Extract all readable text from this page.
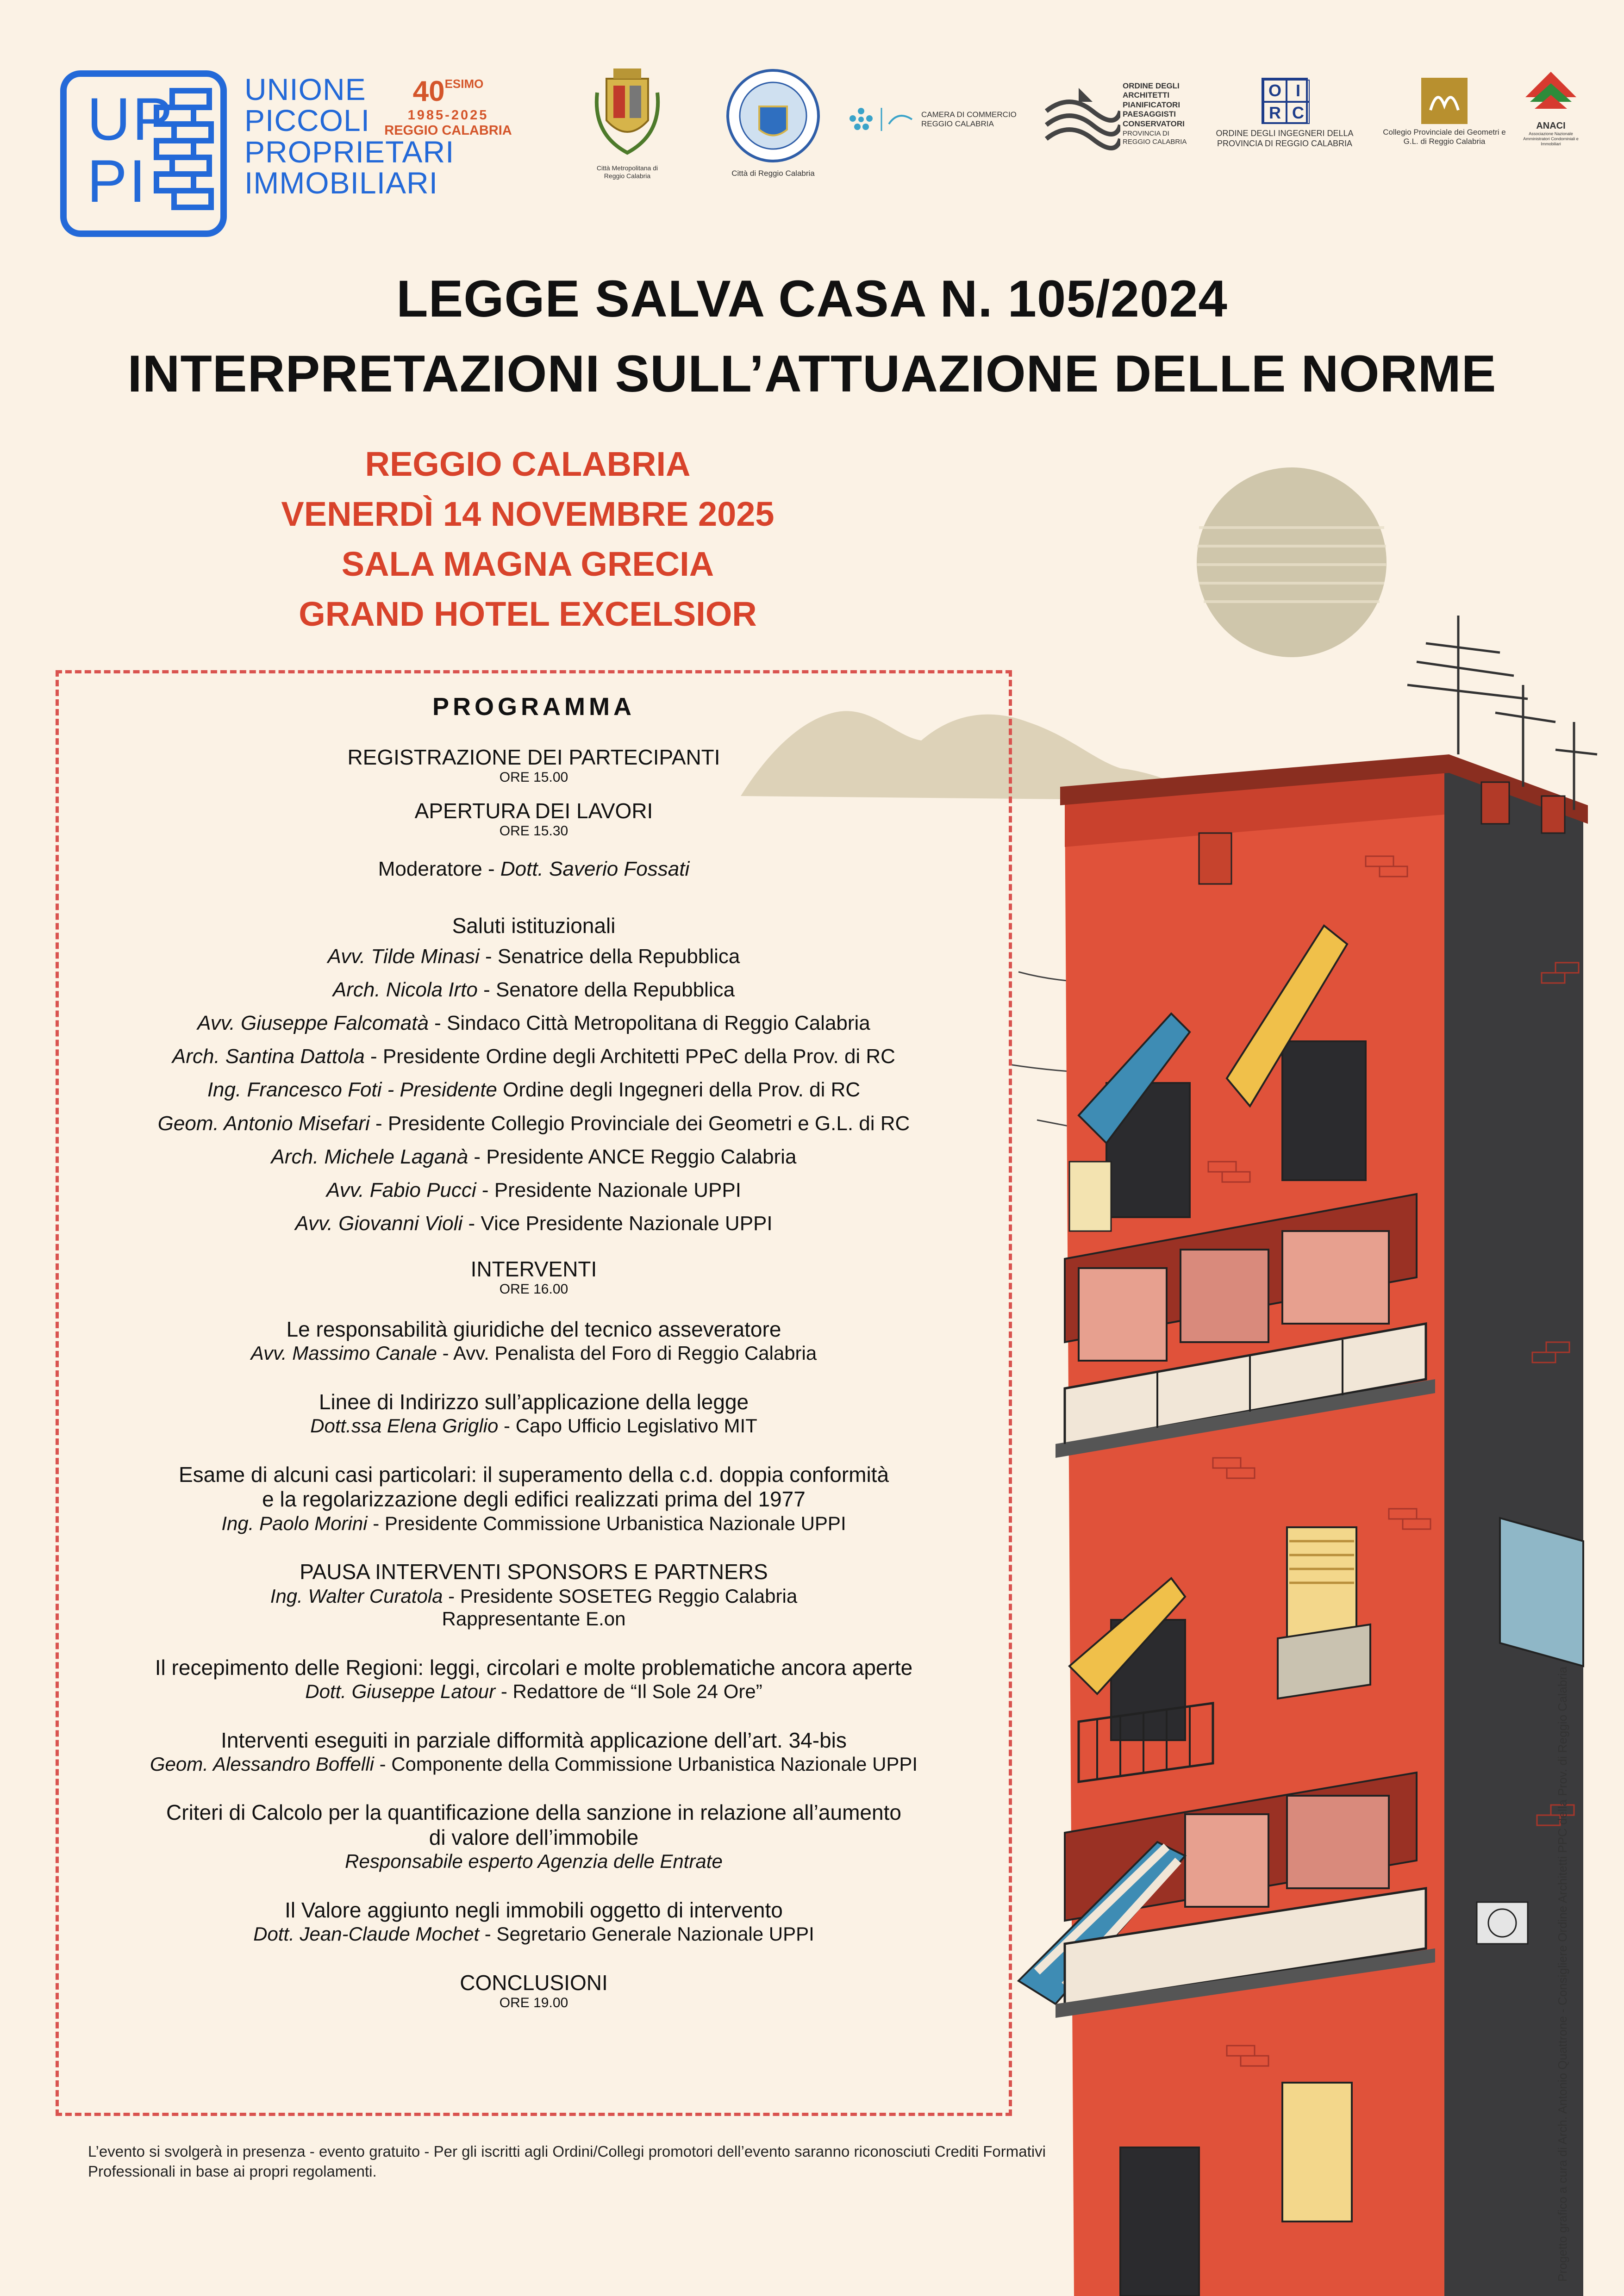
UP
PI
UNIONE
PICCOLI
PROPRIETARI
IMMOBILIARI
$40^{ESIMO}$
1985-2025
REGGIO CALABRIA
Città Metropolitana di Reggio Calabria	Città di Reggio Calabria
CAMERA DI COMMERCIO REGGIO CALABRIA
ORDINE DEGLI ARCHITETTI PIANIFICATORI PAESAGGISTI CONSERVATORI
PROVINCIA DI REGGIO CALABRIA
O I
R C
ORDINE DEGLI INGEGNERI DELLA PROVINCIA DI REGGIO CALABRIA
Collegio Provinciale dei Geometri e G.L. di Reggio Calabria
ANACI
Associazione Nazionale Amministratori Condominiali e Immobiliari
LEGGE SALVA CASA N. 105/2024
INTERPRETAZIONI SULL’ATTUAZIONE DELLE NORME
REGGIO CALABRIA
VENERDÌ 14 NOVEMBRE 2025
SALA MAGNA GRECIA
GRAND HOTEL EXCELSIOR
PROGRAMMA
REGISTRAZIONE DEI PARTECIPANTI
ORE 15.00
APERTURA DEI LAVORI
ORE 15.30
Moderatore - Dott. Saverio Fossati
Saluti istituzionali
Avv. Tilde Minasi - Senatrice della Repubblica
Arch. Nicola Irto - Senatore della Repubblica
Avv. Giuseppe Falcomatà - Sindaco Città Metropolitana di Reggio Calabria
Arch. Santina Dattola - Presidente Ordine degli Architetti PPeC della Prov. di RC
Ing. Francesco Foti - Presidente Ordine degli Ingegneri della Prov. di RC
Geom. Antonio Misefari - Presidente Collegio Provinciale dei Geometri e G.L. di RC
Arch. Michele Laganà - Presidente ANCE Reggio Calabria
Avv. Fabio Pucci - Presidente Nazionale UPPI
Avv. Giovanni Violi - Vice Presidente Nazionale UPPI
INTERVENTI
ORE 16.00
Le responsabilità giuridiche del tecnico asseveratore
Avv. Massimo Canale - Avv. Penalista del Foro di Reggio Calabria
Linee di Indirizzo sull’applicazione della legge
Dott.ssa Elena Griglio - Capo Ufficio Legislativo MIT
Esame di alcuni casi particolari: il superamento della c.d. doppia conformità
e la regolarizzazione degli edifici realizzati prima del 1977
Ing. Paolo Morini - Presidente Commissione Urbanistica Nazionale UPPI
PAUSA INTERVENTI SPONSORS E PARTNERS
Ing. Walter Curatola - Presidente SOSETEG Reggio Calabria
Rappresentante E.on
Il recepimento delle Regioni: leggi, circolari e molte problematiche ancora aperte
Dott. Giuseppe Latour - Redattore de “Il Sole 24 Ore”
Interventi eseguiti in parziale difformità applicazione dell’art. 34-bis
Geom. Alessandro Boffelli - Componente della Commissione Urbanistica Nazionale UPPI
Criteri di Calcolo per la quantificazione della sanzione in relazione all’aumento
di valore dell’immobile
Responsabile esperto Agenzia delle Entrate
Il Valore aggiunto negli immobili oggetto di intervento
Dott. Jean-Claude Mochet - Segretario Generale Nazionale UPPI
CONCLUSIONI
ORE 19.00
L’evento si svolgerà in presenza - evento gratuito - Per gli iscritti agli Ordini/Collegi promotori dell’evento saranno riconosciuti Crediti Formativi Professionali in base ai propri regolamenti.	Progetto grafico a cura di Arch. Antonio Quattrone - Consigliere Ordine Architetti PPC della Prov. di Reggio Calabria
